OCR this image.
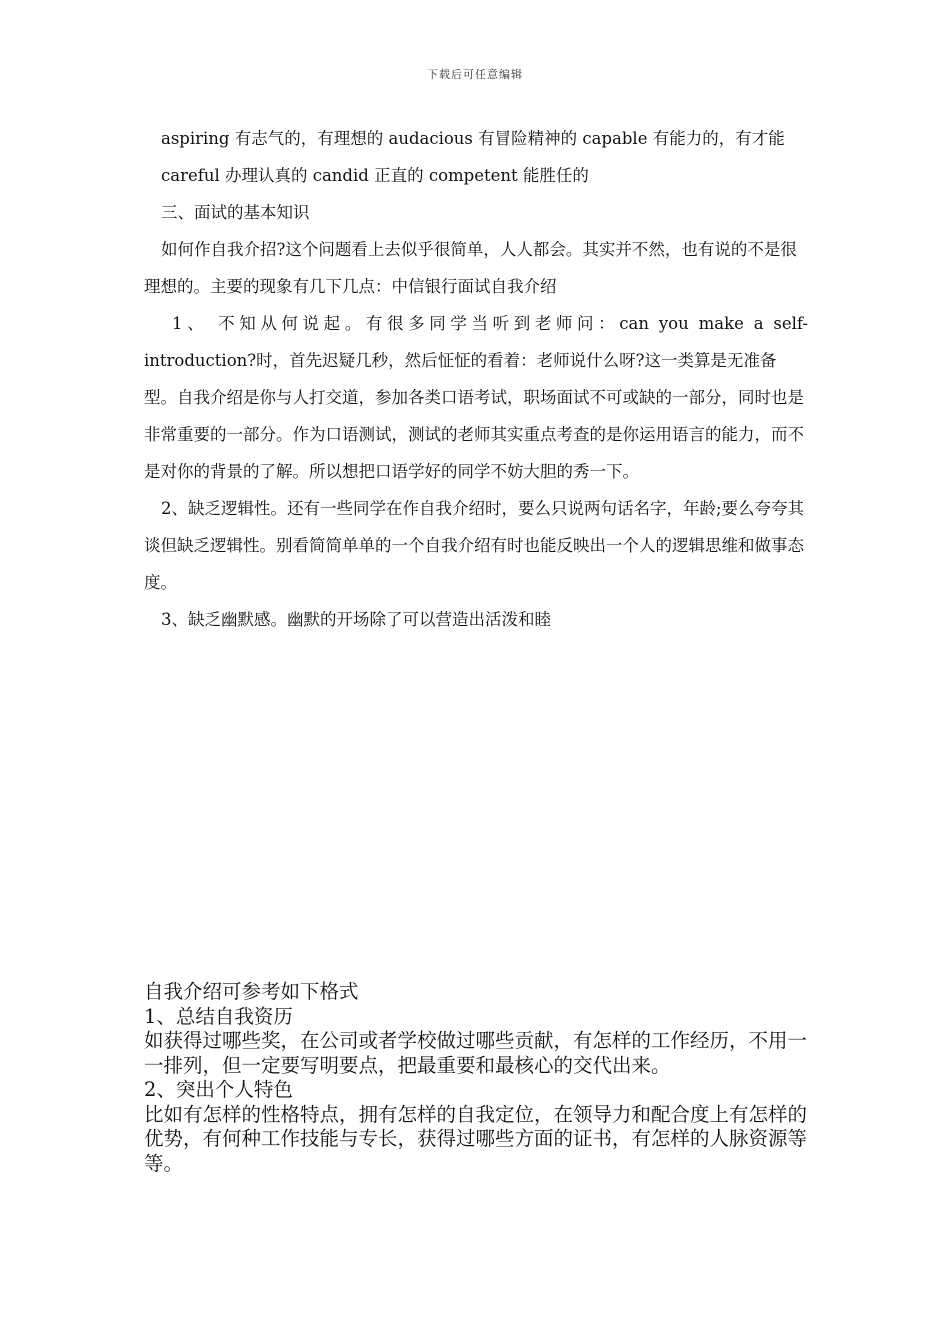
下载后可任意编辑

aspiring 有志气的，有理想的 audacious 有冒险精神的 capable 有能力的，有才能

careful 办理认真的 candid 正直的 competent 能胜任的

三、面试的基本知识

如何作自我介招?这个问题看上去似乎很简单，人人都会。其实并不然，也有说的不是很理想的。主要的现象有几下几点：中信银行面试自我介绍

1、 不知从何说起。有很多同学当听到老师问：can you make a self-

introduction?时，首先迟疑几秒，然后怔怔的看着：老师说什么呀?这一类算是无准备型。自我介绍是你与人打交道，参加各类口语考试，职场面试不可或缺的一部分，同时也是非常重要的一部分。作为口语测试，测试的老师其实重点考查的是你运用语言的能力，而不是对你的背景的了解。所以想把口语学好的同学不妨大胆的秀一下。

2、缺乏逻辑性。还有一些同学在作自我介绍时，要么只说两句话名字，年龄;要么夸夸其谈但缺乏逻辑性。别看简简单单的一个自我介绍有时也能反映出一个人的逻辑思维和做事态度。

3、缺乏幽默感。幽默的开场除了可以营造出活泼和睦

自我介绍可参考如下格式

1、总结自我资历

如获得过哪些奖，在公司或者学校做过哪些贡献，有怎样的工作经历，不用一一排列，但一定要写明要点，把最重要和最核心的交代出来。

2、突出个人特色

比如有怎样的性格特点，拥有怎样的自我定位，在领导力和配合度上有怎样的优势，有何种工作技能与专长，获得过哪些方面的证书，有怎样的人脉资源等等。
